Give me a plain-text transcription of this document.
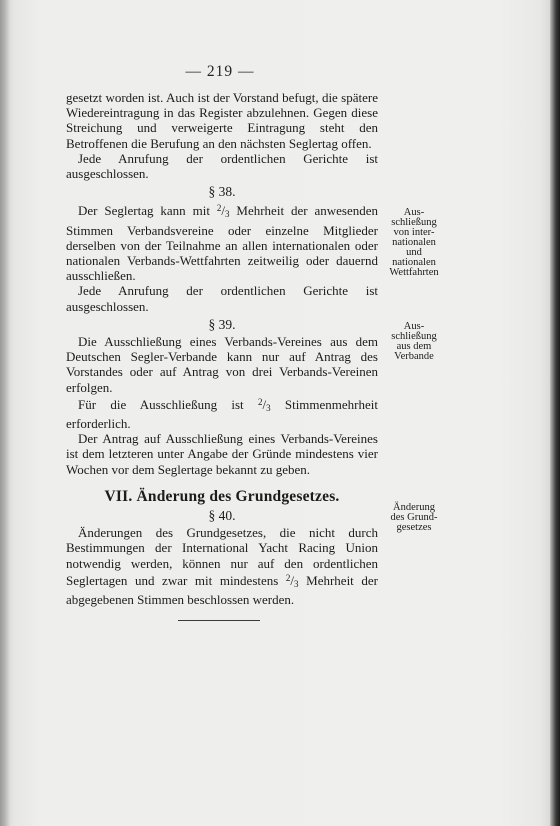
— 219 —

gesetzt worden ist. Auch ist der Vorstand befugt, die spätere Wiedereintragung in das Register abzulehnen. Gegen diese Streichung und verweigerte Eintragung steht den Betroffenen die Berufung an den nächsten Seglertag offen.

Jede Anrufung der ordentlichen Gerichte ist ausgeschlossen.

§ 38.

Der Seglertag kann mit $^2/_3$ Mehrheit der anwesenden Stimmen Verbandsvereine oder einzelne Mitglieder derselben von der Teilnahme an allen internationalen oder nationalen Verbands-Wettfahrten zeitweilig oder dauernd ausschließen.

Jede Anrufung der ordentlichen Gerichte ist ausgeschlossen.

§ 39.

Die Ausschließung eines Verbands-Vereines aus dem Deutschen Segler-Verbande kann nur auf Antrag des Vorstandes oder auf Antrag von drei Verbands-Vereinen erfolgen.

Für die Ausschließung ist $^2/_3$ Stimmenmehrheit erforderlich.

Der Antrag auf Ausschließung eines Verbands-Vereines ist dem letzteren unter Angabe der Gründe mindestens vier Wochen vor dem Seglertage bekannt zu geben.

VII. Änderung des Grundgesetzes.
§ 40.

Änderungen des Grundgesetzes, die nicht durch Bestimmungen der International Yacht Racing Union notwendig werden, können nur auf den ordentlichen Seglertagen und zwar mit mindestens $^2/_3$ Mehrheit der abgegebenen Stimmen beschlossen werden.

Aus-
schließung
von inter-
nationalen
und
nationalen
Wettfahrten
Aus-
schließung
aus dem
Verbande
Änderung
des Grund-
gesetzes
